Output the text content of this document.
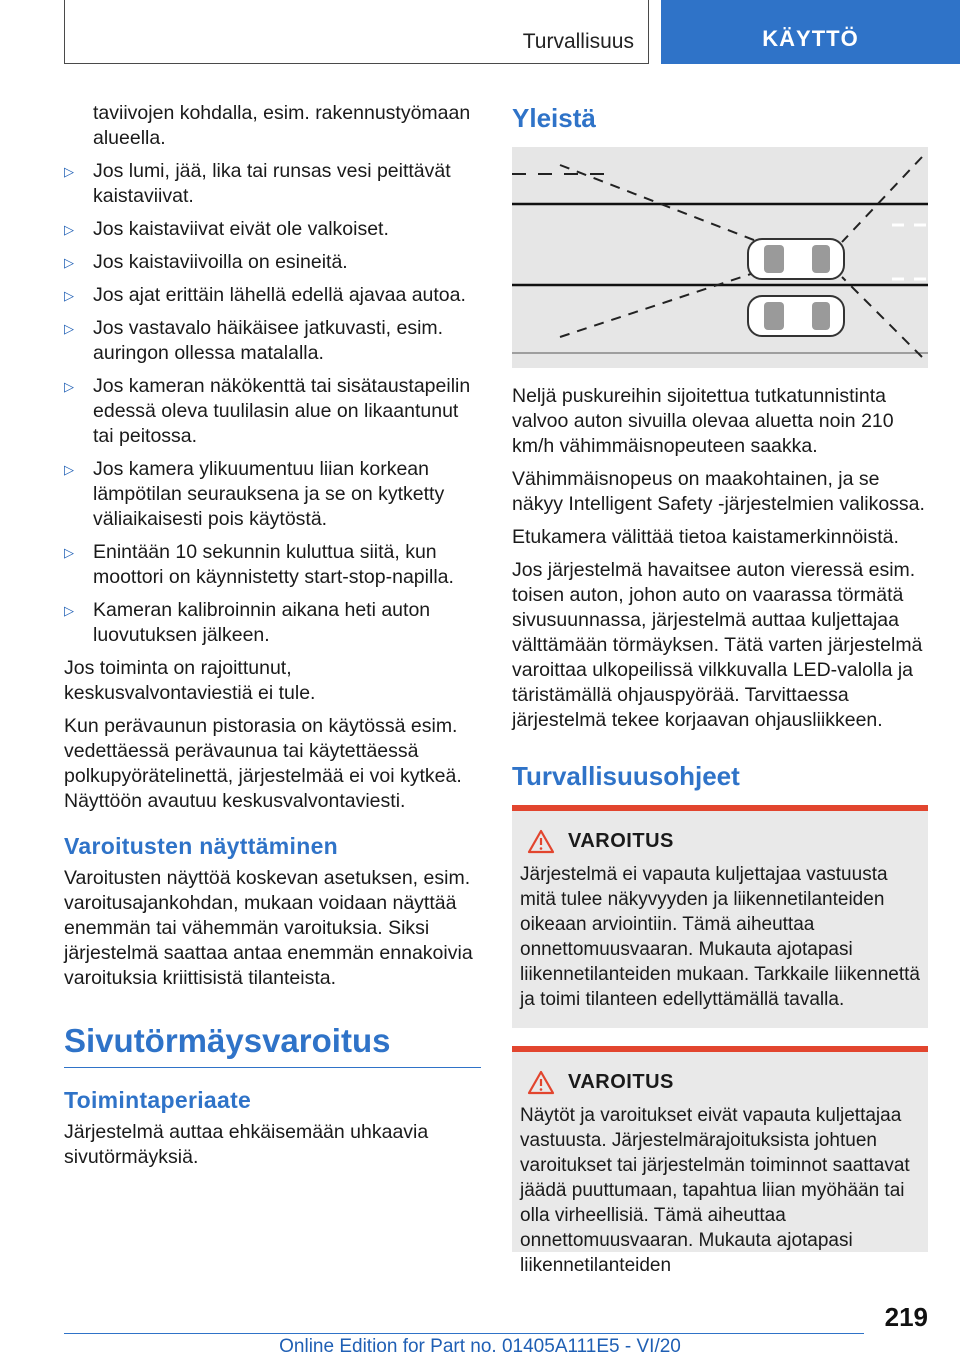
Turvallisuus	KÄYTTÖ
taviivojen kohdalla, esim. rakennustyömaan alueella.
▷ Jos lumi, jää, lika tai runsas vesi peittävät kaistaviivat.
▷ Jos kaistaviivat eivät ole valkoiset.
▷ Jos kaistaviivoilla on esineitä.
▷ Jos ajat erittäin lähellä edellä ajavaa autoa.
▷ Jos vastavalo häikäisee jatkuvasti, esim. auringon ollessa matalalla.
▷ Jos kameran näkökenttä tai sisätaustapeilin edessä oleva tuulilasin alue on likaantunut tai peitossa.
▷ Jos kamera ylikuumentuu liian korkean lämpötilan seurauksena ja se on kytketty väliaikaisesti pois käytöstä.
▷ Enintään 10 sekunnin kuluttua siitä, kun moottori on käynnistetty start-stop-napilla.
▷ Kameran kalibroinnin aikana heti auton luovutuksen jälkeen.

Jos toiminta on rajoittunut, keskusvalvontaviestiä ei tule.

Kun perävaunun pistorasia on käytössä esim. vedettäessä perävaunua tai käytettäessä polkupyörätelinettä, järjestelmää ei voi kytkeä. Näyttöön avautuu keskusvalvontaviesti.

Varoitusten näyttäminen

Varoitusten näyttöä koskevan asetuksen, esim. varoitusajankohdan, mukaan voidaan näyttää enemmän tai vähemmän varoituksia. Siksi järjestelmä saattaa antaa enemmän ennakoivia varoituksia kriittisistä tilanteista.

Sivutörmäysvaroitus
Toimintaperiaate

Järjestelmä auttaa ehkäisemään uhkaavia sivutörmäyksiä.

Yleistä

Neljä puskureihin sijoitettua tutkatunnistinta valvoo auton sivuilla olevaa aluetta noin 210 km/h vähimmäisnopeuteen saakka.

Vähimmäisnopeus on maakohtainen, ja se näkyy Intelligent Safety -järjestelmien valikossa.

Etukamera välittää tietoa kaistamerkinnöistä.

Jos järjestelmä havaitsee auton vieressä esim. toisen auton, johon auto on vaarassa törmätä sivusuunnassa, järjestelmä auttaa kuljettajaa välttämään törmäyksen. Tätä varten järjestelmä varoittaa ulkopeilissä vilkkuvalla LED-valolla ja täristämällä ohjauspyörää. Tarvittaessa järjestelmä tekee korjaavan ohjausliikkeen.

Turvallisuusohjeet
VAROITUS
Järjestelmä ei vapauta kuljettajaa vastuusta mitä tulee näkyvyyden ja liikennetilanteiden oikeaan arviointiin. Tämä aiheuttaa onnettomuusvaaran. Mukauta ajotapasi liikennetilanteiden mukaan. Tarkkaile liikennettä ja toimi tilanteen edellyttämällä tavalla.
VAROITUS
Näytöt ja varoitukset eivät vapauta kuljettajaa vastuusta. Järjestelmärajoituksista johtuen varoitukset tai järjestelmän toiminnot saattavat jäädä puuttumaan, tapahtua liian myöhään tai olla virheellisiä. Tämä aiheuttaa onnettomuusvaaran. Mukauta ajotapasi liikennetilanteiden
219
Online Edition for Part no. 01405A111E5 - VI/20
